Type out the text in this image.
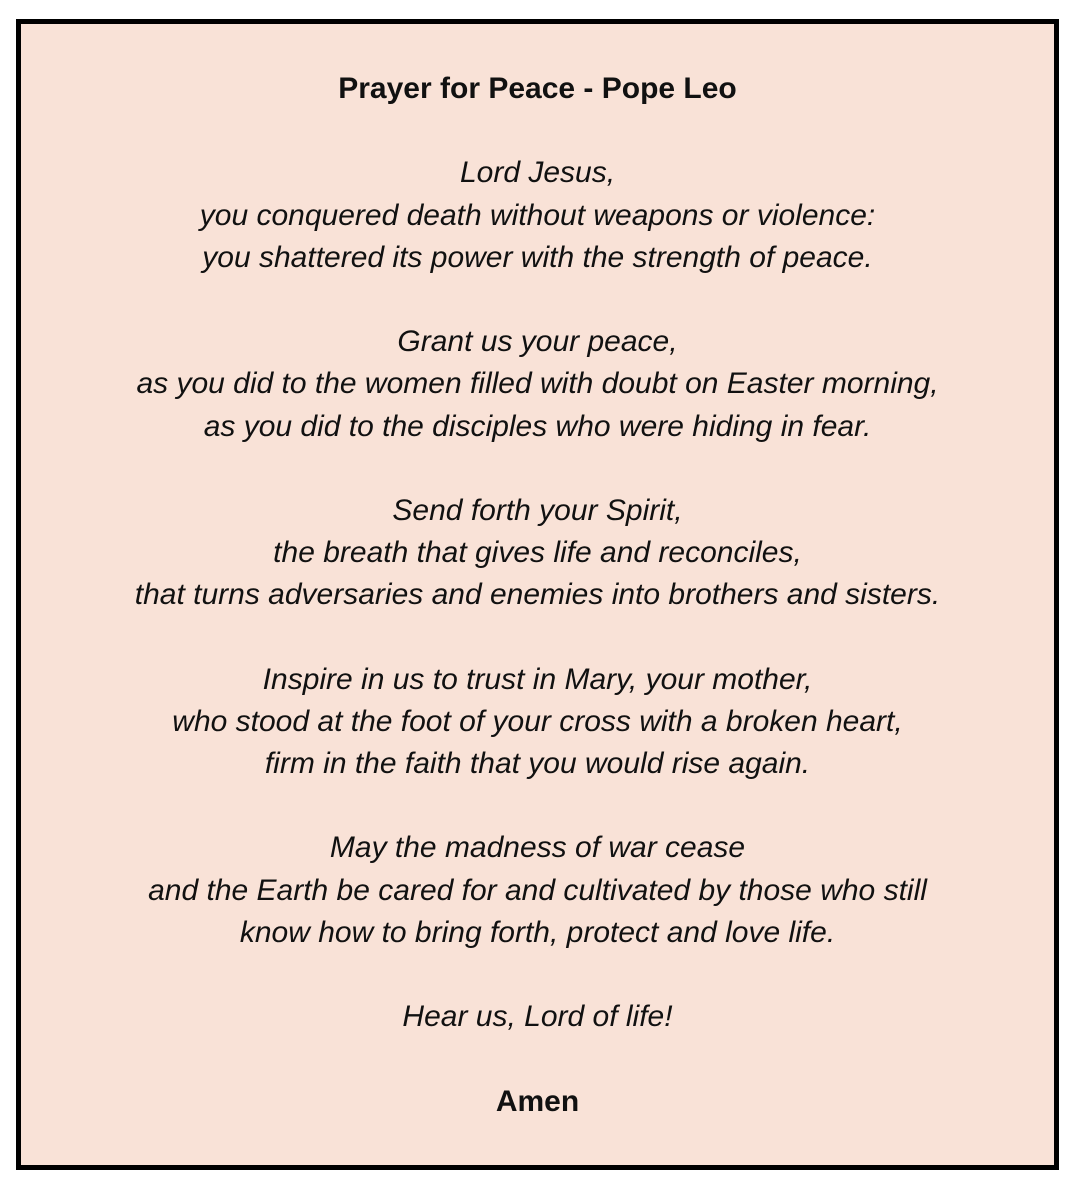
Prayer for Peace - Pope Leo
Lord Jesus,
you conquered death without weapons or violence:
you shattered its power with the strength of peace.
Grant us your peace,
as you did to the women filled with doubt on Easter morning,
as you did to the disciples who were hiding in fear.
Send forth your Spirit,
the breath that gives life and reconciles,
that turns adversaries and enemies into brothers and sisters.
Inspire in us to trust in Mary, your mother,
who stood at the foot of your cross with a broken heart,
firm in the faith that you would rise again.
May the madness of war cease
and the Earth be cared for and cultivated by those who still
know how to bring forth, protect and love life.
Hear us, Lord of life!
Amen
